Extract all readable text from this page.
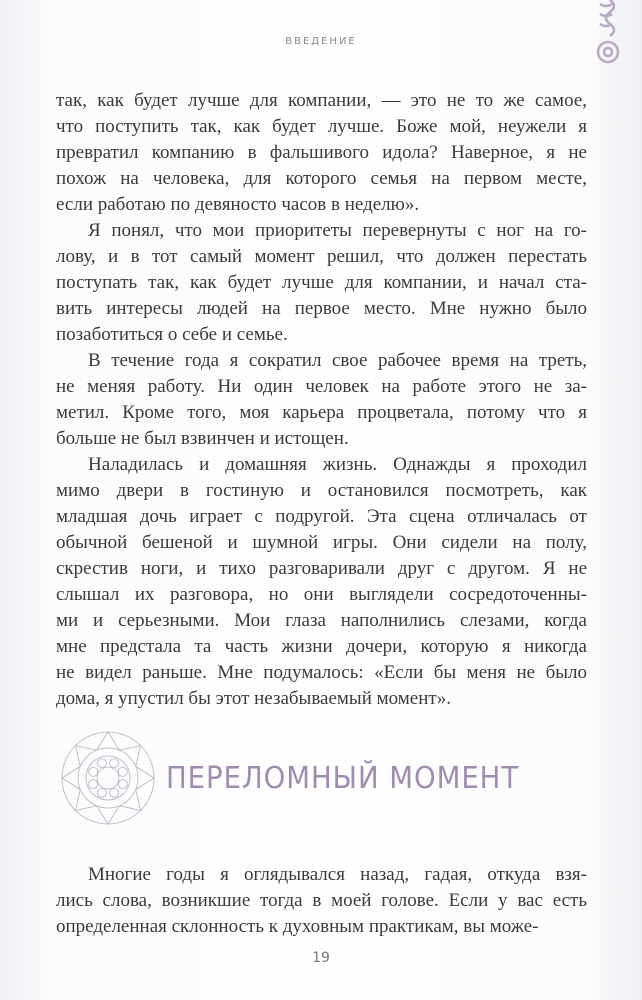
ВВЕДЕНИЕ
так, как будет лучше для компании, — это не то же самое,
что поступить так, как будет лучше. Боже мой, неужели я
превратил компанию в фальшивого идола? Наверное, я не
похож на человека, для которого семья на первом месте,
если работаю по девяносто часов в неделю».
Я понял, что мои приоритеты перевернуты с ног на го-
лову, и в тот самый момент решил, что должен перестать
поступать так, как будет лучше для компании, и начал ста-
вить интересы людей на первое место. Мне нужно было
позаботиться о себе и семье.
В течение года я сократил свое рабочее время на треть,
не меняя работу. Ни один человек на работе этого не за-
метил. Кроме того, моя карьера процветала, потому что я
больше не был взвинчен и истощен.
Наладилась и домашняя жизнь. Однажды я проходил
мимо двери в гостиную и остановился посмотреть, как
младшая дочь играет с подругой. Эта сцена отличалась от
обычной бешеной и шумной игры. Они сидели на полу,
скрестив ноги, и тихо разговаривали друг с другом. Я не
слышал их разговора, но они выглядели сосредоточенны-
ми и серьезными. Мои глаза наполнились слезами, когда
мне предстала та часть жизни дочери, которую я никогда
не видел раньше. Мне подумалось: «Если бы меня не было
дома, я упустил бы этот незабываемый момент».
ПЕРЕЛОМНЫЙ МОМЕНТ
Многие годы я оглядывался назад, гадая, откуда взя-
лись слова, возникшие тогда в моей голове. Если у вас есть
определенная склонность к духовным практикам, вы може-
19
